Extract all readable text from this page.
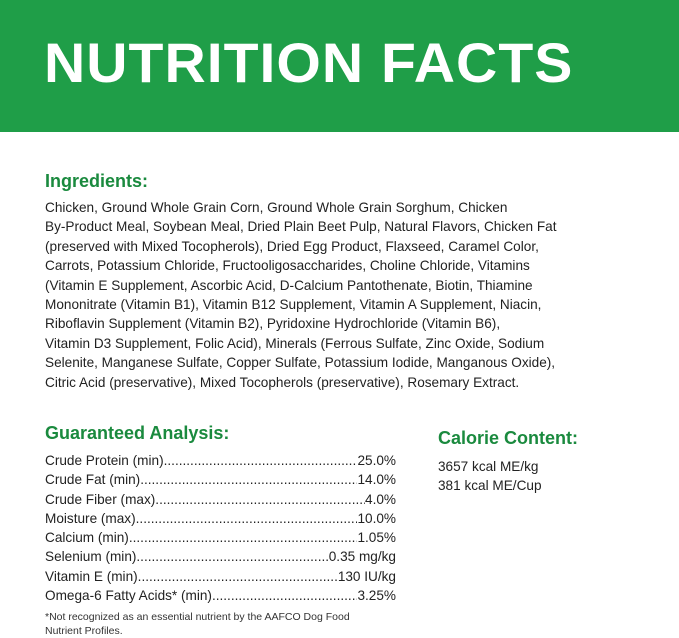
NUTRITION FACTS
Ingredients:
Chicken, Ground Whole Grain Corn, Ground Whole Grain Sorghum, Chicken
By-Product Meal, Soybean Meal, Dried Plain Beet Pulp, Natural Flavors, Chicken Fat
(preserved with Mixed Tocopherols), Dried Egg Product, Flaxseed, Caramel Color,
Carrots, Potassium Chloride, Fructooligosaccharides, Choline Chloride, Vitamins
(Vitamin E Supplement, Ascorbic Acid, D-Calcium Pantothenate, Biotin, Thiamine
Mononitrate (Vitamin B1), Vitamin B12 Supplement, Vitamin A Supplement, Niacin,
Riboflavin Supplement (Vitamin B2), Pyridoxine Hydrochloride (Vitamin B6),
Vitamin D3 Supplement, Folic Acid), Minerals (Ferrous Sulfate, Zinc Oxide, Sodium
Selenite, Manganese Sulfate, Copper Sulfate, Potassium Iodide, Manganous Oxide),
Citric Acid (preservative), Mixed Tocopherols (preservative), Rosemary Extract.
Guaranteed Analysis:
Crude Protein (min) .....	25.0%
Crude Fat (min) .....	14.0%
Crude Fiber (max) .....	4.0%
Moisture (max) .....	10.0%
Calcium (min) .....	1.05%
Selenium (min) .....	0.35 mg/kg
Vitamin E (min) .....	130 IU/kg
Omega-6 Fatty Acids* (min) .....	3.25%
*Not recognized as an essential nutrient by the AAFCO Dog Food
Nutrient Profiles.
Calorie Content:
3657 kcal ME/kg
381 kcal ME/Cup
